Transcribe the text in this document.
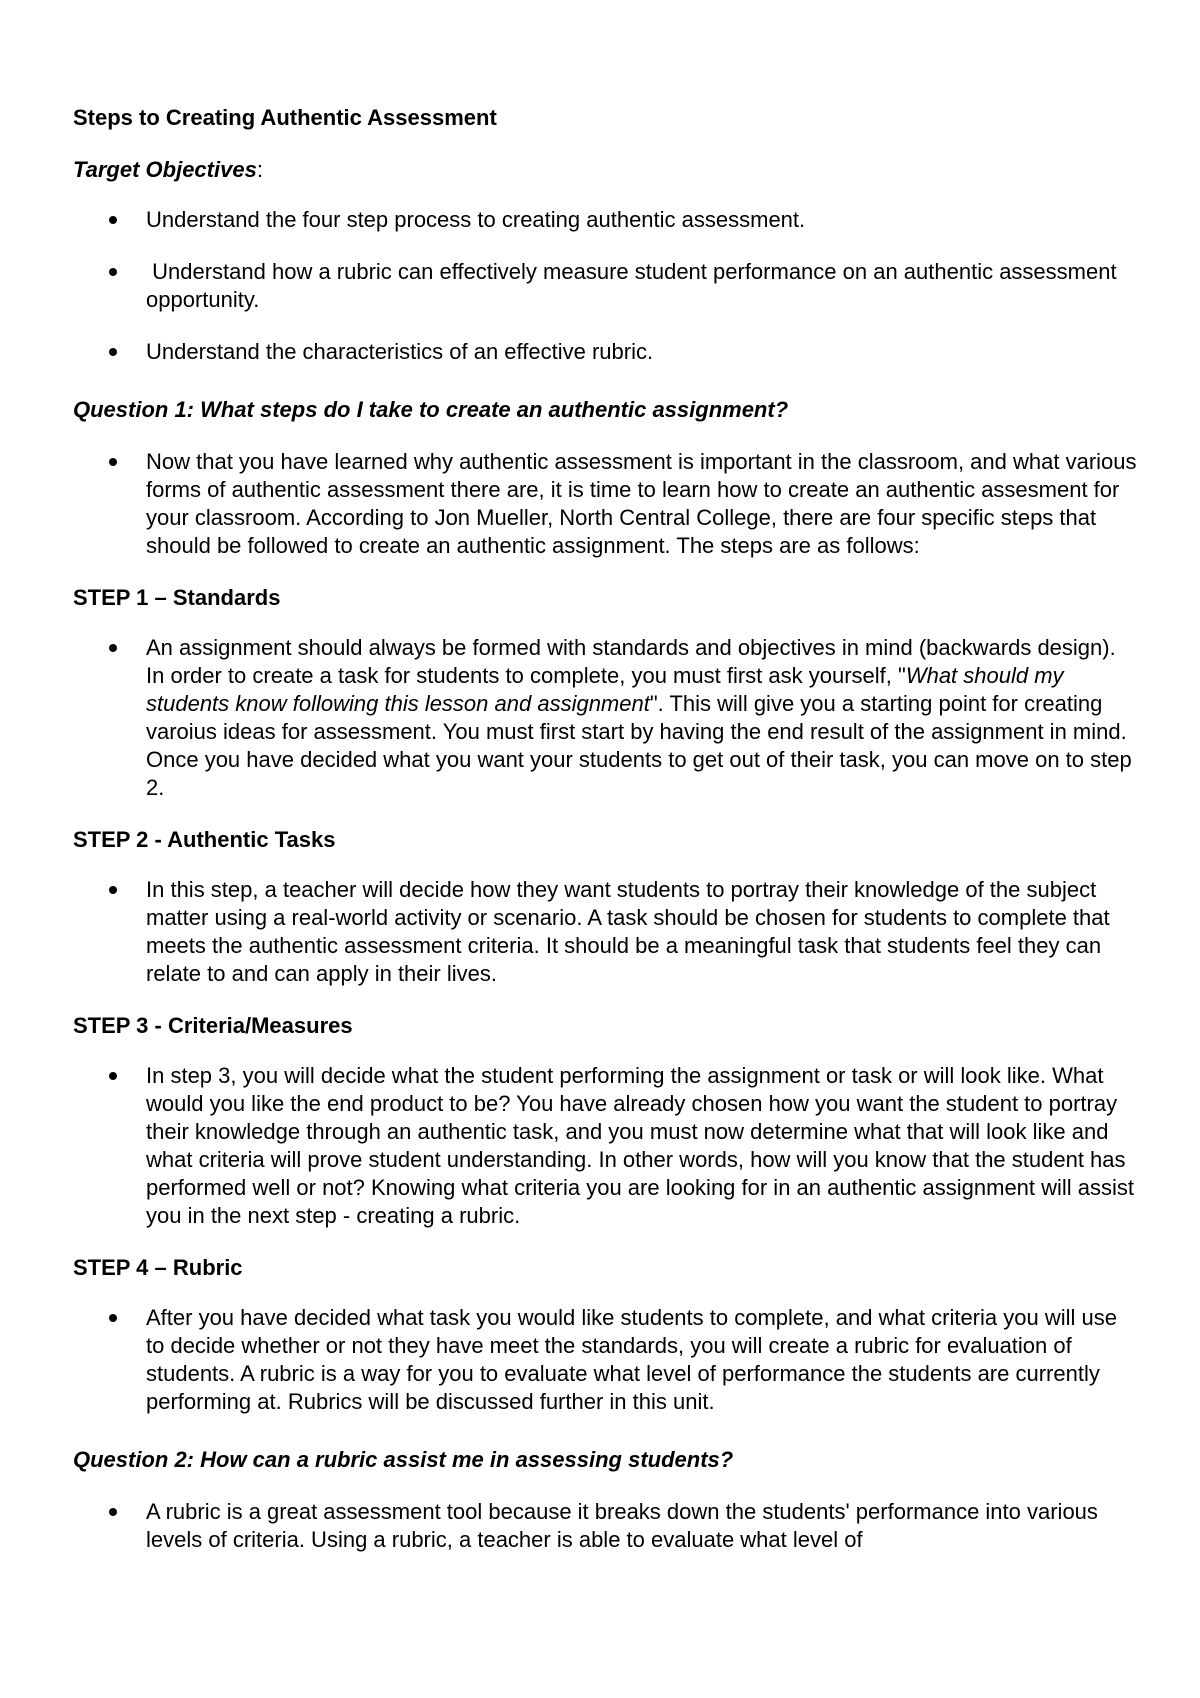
Steps to Creating Authentic Assessment
Target Objectives:
Understand the four step process to creating authentic assessment.
Understand how a rubric can effectively measure student performance on an authentic assessment opportunity.
Understand the characteristics of an effective rubric.
Question 1: What steps do I take to create an authentic assignment?
Now that you have learned why authentic assessment is important in the classroom, and what various forms of authentic assessment there are, it is time to learn how to create an authentic assesment for your classroom. According to Jon Mueller, North Central College, there are four specific steps that should be followed to create an authentic assignment. The steps are as follows:
STEP 1 – Standards
An assignment should always be formed with standards and objectives in mind (backwards design). In order to create a task for students to complete, you must first ask yourself, "What should my students know following this lesson and assignment". This will give you a starting point for creating varoius ideas for assessment. You must first start by having the end result of the assignment in mind. Once you have decided what you want your students to get out of their task, you can move on to step 2.
STEP 2 - Authentic Tasks
In this step, a teacher will decide how they want students to portray their knowledge of the subject matter using a real-world activity or scenario. A task should be chosen for students to complete that meets the authentic assessment criteria. It should be a meaningful task that students feel they can relate to and can apply in their lives.
STEP 3 - Criteria/Measures
In step 3, you will decide what the student performing the assignment or task or will look like. What would you like the end product to be? You have already chosen how you want the student to portray their knowledge through an authentic task, and you must now determine what that will look like and what criteria will prove student understanding. In other words, how will you know that the student has performed well or not? Knowing what criteria you are looking for in an authentic assignment will assist you in the next step - creating a rubric.
STEP 4 – Rubric
After you have decided what task you would like students to complete, and what criteria you will use to decide whether or not they have meet the standards, you will create a rubric for evaluation of students. A rubric is a way for you to evaluate what level of performance the students are currently performing at. Rubrics will be discussed further in this unit.
Question 2: How can a rubric assist me in assessing students?
A rubric is a great assessment tool because it breaks down the students' performance into various levels of criteria. Using a rubric, a teacher is able to evaluate what level of
